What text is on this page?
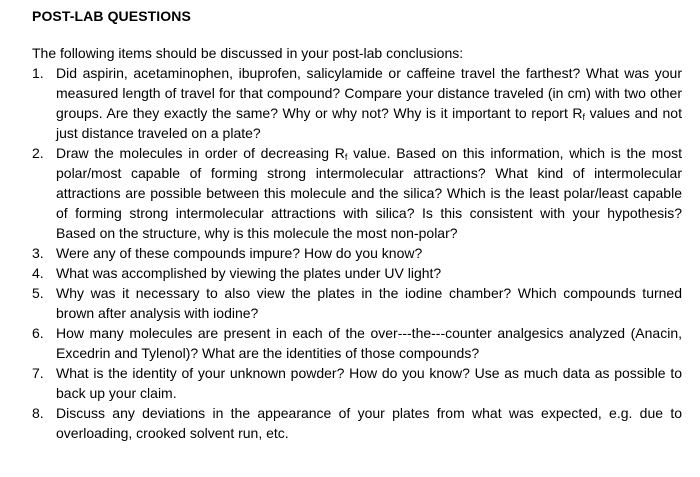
POST-LAB QUESTIONS

The following items should be discussed in your post-lab conclusions:

1. Did aspirin, acetaminophen, ibuprofen, salicylamide or caffeine travel the farthest? What was your measured length of travel for that compound? Compare your distance traveled (in cm) with two other groups. Are they exactly the same? Why or why not? Why is it important to report $R_f$ values and not just distance traveled on a plate?
2. Draw the molecules in order of decreasing $R_f$ value. Based on this information, which is the most polar/most capable of forming strong intermolecular attractions? What kind of intermolecular attractions are possible between this molecule and the silica? Which is the least polar/least capable of forming strong intermolecular attractions with silica? Is this consistent with your hypothesis? Based on the structure, why is this molecule the most non-polar?
3. Were any of these compounds impure? How do you know?
4. What was accomplished by viewing the plates under UV light?
5. Why was it necessary to also view the plates in the iodine chamber? Which compounds turned brown after analysis with iodine?
6. How many molecules are present in each of the over---the---counter analgesics analyzed (Anacin, Excedrin and Tylenol)? What are the identities of those compounds?
7. What is the identity of your unknown powder? How do you know? Use as much data as possible to back up your claim.
8. Discuss any deviations in the appearance of your plates from what was expected, e.g. due to overloading, crooked solvent run, etc.
